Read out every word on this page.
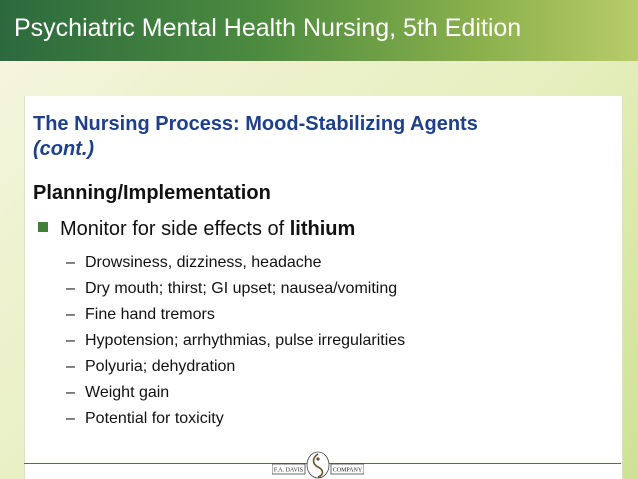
Psychiatric Mental Health Nursing, 5th Edition
The Nursing Process: Mood-Stabilizing Agents
(cont.)
Planning/Implementation
Monitor for side effects of lithium
– Drowsiness, dizziness, headache
– Dry mouth; thirst; GI upset; nausea/vomiting
– Fine hand tremors
– Hypotension; arrhythmias, pulse irregularities
– Polyuria; dehydration
– Weight gain
– Potential for toxicity
F.A. DAVIS	COMPANY
